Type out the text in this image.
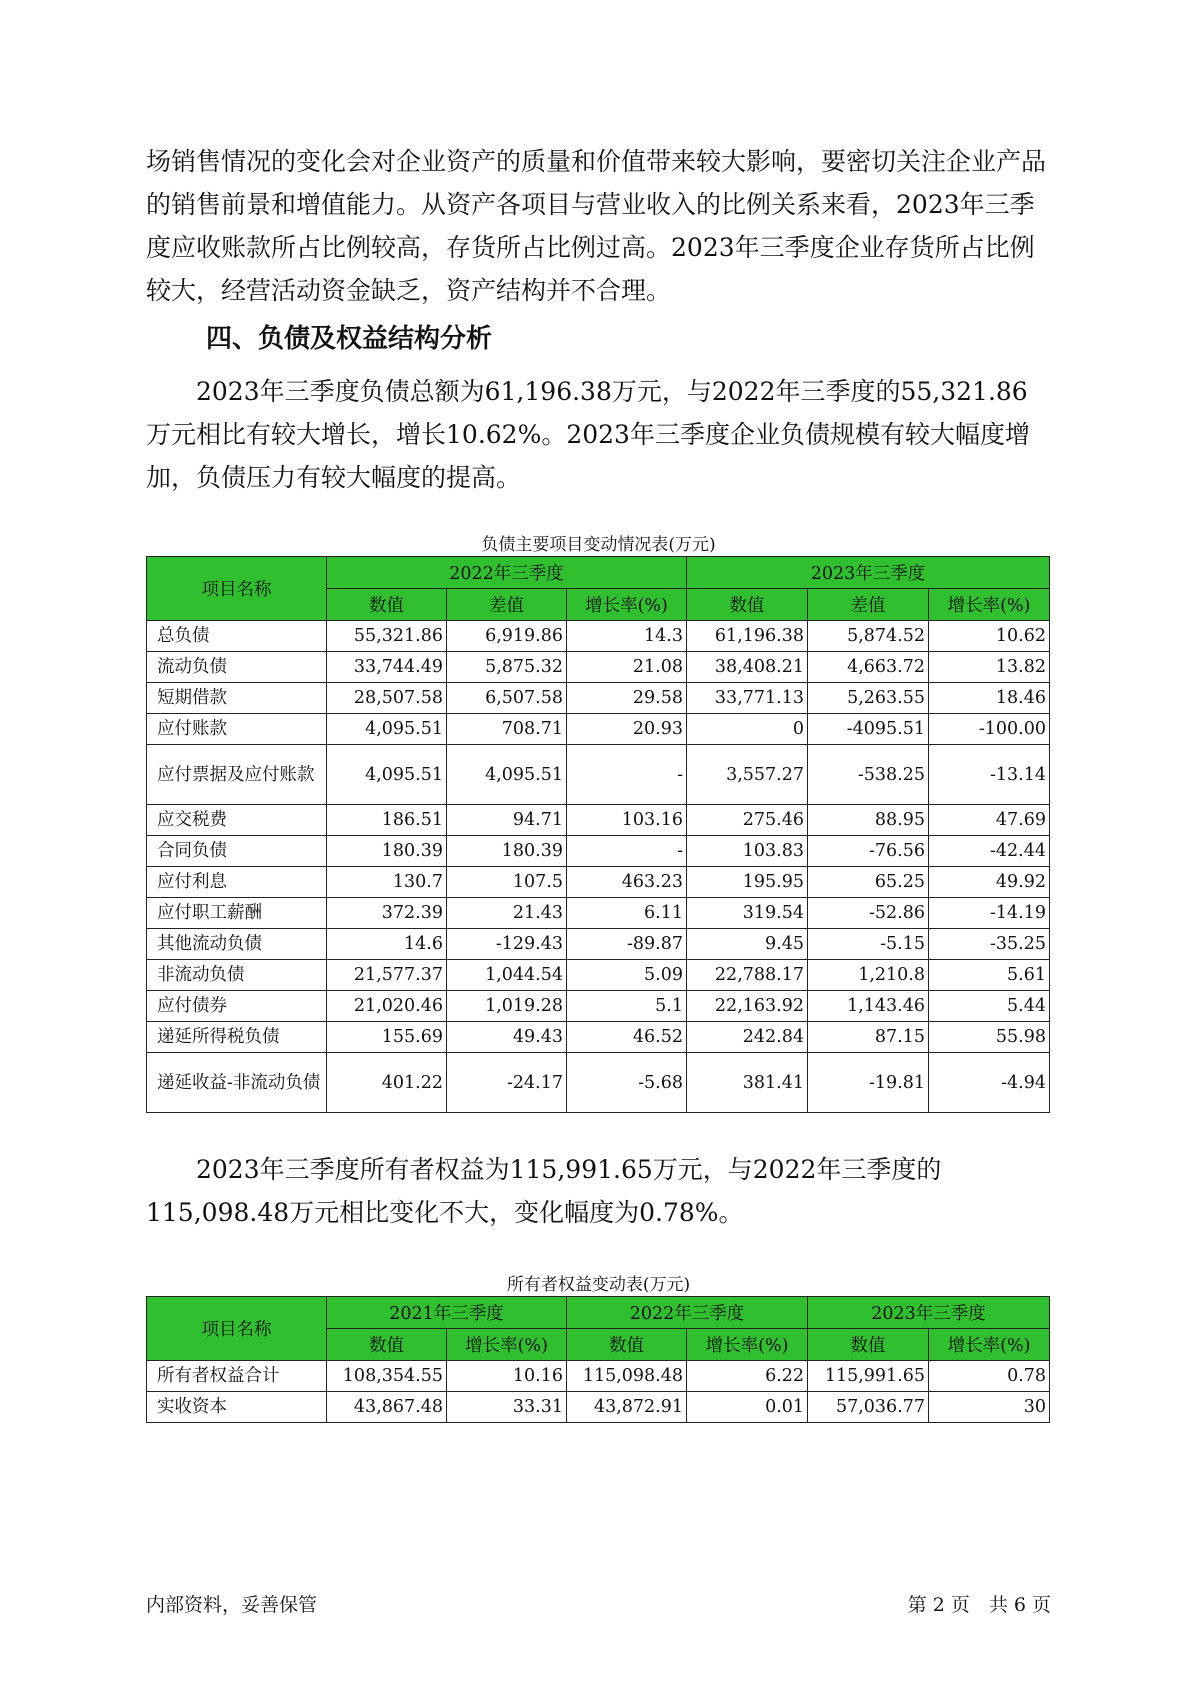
场销售情况的变化会对企业资产的质量和价值带来较大影响，要密切关注企业产品的销售前景和增值能力。从资产各项目与营业收入的比例关系来看，2023年三季度应收账款所占比例较高，存货所占比例过高。2023年三季度企业存货所占比例较大，经营活动资金缺乏，资产结构并不合理。

四、负债及权益结构分析

2023年三季度负债总额为61,196.38万元，与2022年三季度的55,321.86万元相比有较大增长，增长10.62%。2023年三季度企业负债规模有较大幅度增加，负债压力有较大幅度的提高。

负债主要项目变动情况表(万元)

项目名称	2022年三季度			2023年三季度		
	数值	差值	增长率(%)	数值	差值	增长率(%)
总负债	55,321.86	6,919.86	14.3	61,196.38	5,874.52	10.62
流动负债	33,744.49	5,875.32	21.08	38,408.21	4,663.72	13.82
短期借款	28,507.58	6,507.58	29.58	33,771.13	5,263.55	18.46
应付账款	4,095.51	708.71	20.93	0	-4095.51	-100.00
应付票据及应付账款	4,095.51	4,095.51	-	3,557.27	-538.25	-13.14
应交税费	186.51	94.71	103.16	275.46	88.95	47.69
合同负债	180.39	180.39	-	103.83	-76.56	-42.44
应付利息	130.7	107.5	463.23	195.95	65.25	49.92
应付职工薪酬	372.39	21.43	6.11	319.54	-52.86	-14.19
其他流动负债	14.6	-129.43	-89.87	9.45	-5.15	-35.25
非流动负债	21,577.37	1,044.54	5.09	22,788.17	1,210.8	5.61
应付债券	21,020.46	1,019.28	5.1	22,163.92	1,143.46	5.44
递延所得税负债	155.69	49.43	46.52	242.84	87.15	55.98
递延收益-非流动负债	401.22	-24.17	-5.68	381.41	-19.81	-4.94

2023年三季度所有者权益为115,991.65万元，与2022年三季度的115,098.48万元相比变化不大，变化幅度为0.78%。

所有者权益变动表(万元)

项目名称	2021年三季度		2022年三季度		2023年三季度	
	数值	增长率(%)	数值	增长率(%)	数值	增长率(%)
所有者权益合计	108,354.55	10.16	115,098.48	6.22	115,991.65	0.78
实收资本	43,867.48	33.31	43,872.91	0.01	57,036.77	30

内部资料，妥善保管	第 2 页　共 6 页
